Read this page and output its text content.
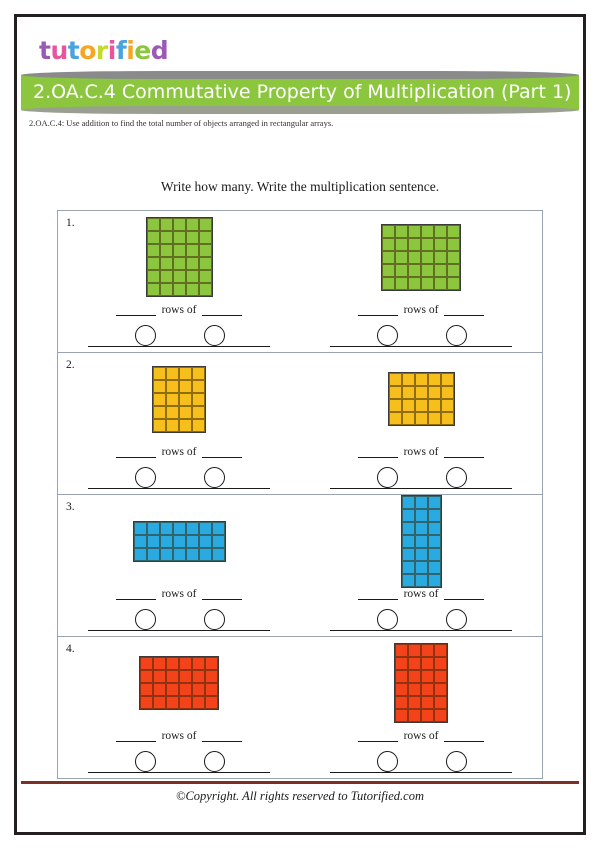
tutorified
2.OA.C.4 Commutative Property of Multiplication (Part 1)
2.OA.C.4: Use addition to find the total number of objects arranged in rectangular arrays.
Write how many. Write the multiplication sentence.
1.
rows of	rows of
2.
rows of	rows of
3.
rows of	rows of
4.
rows of	rows of
©Copyright. All rights reserved to Tutorified.com
